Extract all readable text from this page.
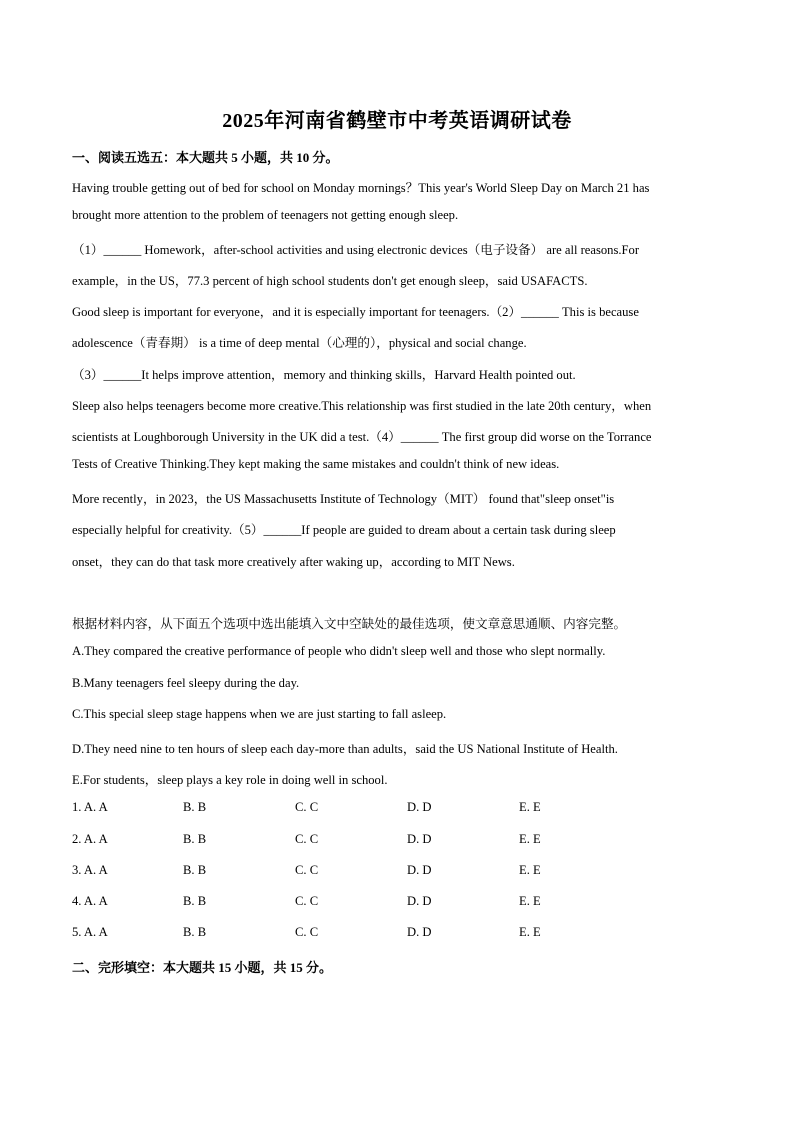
2025年河南省鹤壁市中考英语调研试卷
一、阅读五选五：本大题共 5 小题，共 10 分。
Having trouble getting out of bed for school on Monday mornings？This year's World Sleep Day on March 21 has
brought more attention to the problem of teenagers not getting enough sleep.
（1）______ Homework，after-school activities and using electronic devices（电子设备） are all reasons.For
example，in the US，77.3 percent of high school students don't get enough sleep，said USAFACTS.
Good sleep is important for everyone，and it is especially important for teenagers.（2）______ This is because
adolescence（青春期） is a time of deep mental（心理的），physical and social change.
（3）______It helps improve attention，memory and thinking skills，Harvard Health pointed out.
Sleep also helps teenagers become more creative.This relationship was first studied in the late 20th century，when
scientists at Loughborough University in the UK did a test.（4）______ The first group did worse on the Torrance
Tests of Creative Thinking.They kept making the same mistakes and couldn't think of new ideas.
More recently，in 2023，the US Massachusetts Institute of Technology（MIT） found that"sleep onset"is
especially helpful for creativity.（5）______If people are guided to dream about a certain task during sleep
onset，they can do that task more creatively after waking up，according to MIT News.
根据材料内容，从下面五个选项中选出能填入文中空缺处的最佳选项，使文章意思通顺、内容完整。
A.They compared the creative performance of people who didn't sleep well and those who slept normally.
B.Many teenagers feel sleepy during the day.
C.This special sleep stage happens when we are just starting to fall asleep.
D.They need nine to ten hours of sleep each day-more than adults，said the US National Institute of Health.
E.For students，sleep plays a key role in doing well in school.
1. A. A	B. B	C. C	D. D	E. E
2. A. A	B. B	C. C	D. D	E. E
3. A. A	B. B	C. C	D. D	E. E
4. A. A	B. B	C. C	D. D	E. E
5. A. A	B. B	C. C	D. D	E. E
二、完形填空：本大题共 15 小题，共 15 分。
